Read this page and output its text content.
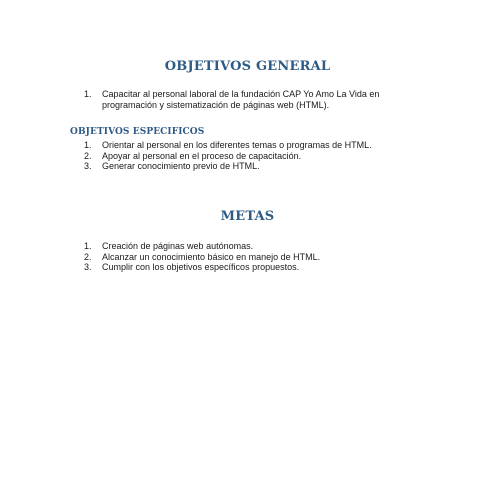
OBJETIVOS GENERAL
1. Capacitar al personal laboral de la fundación CAP Yo Amo La Vida en programación y sistematización de páginas web (HTML).
OBJETIVOS ESPECIFICOS
1. Orientar al personal en los diferentes temas o programas de HTML.
2. Apoyar al personal en el proceso de capacitación.
3. Generar conocimiento previo de HTML.
METAS
1. Creación de páginas web autónomas.
2. Alcanzar un conocimiento básico en manejo de HTML.
3. Cumplir con los objetivos específicos propuestos.
